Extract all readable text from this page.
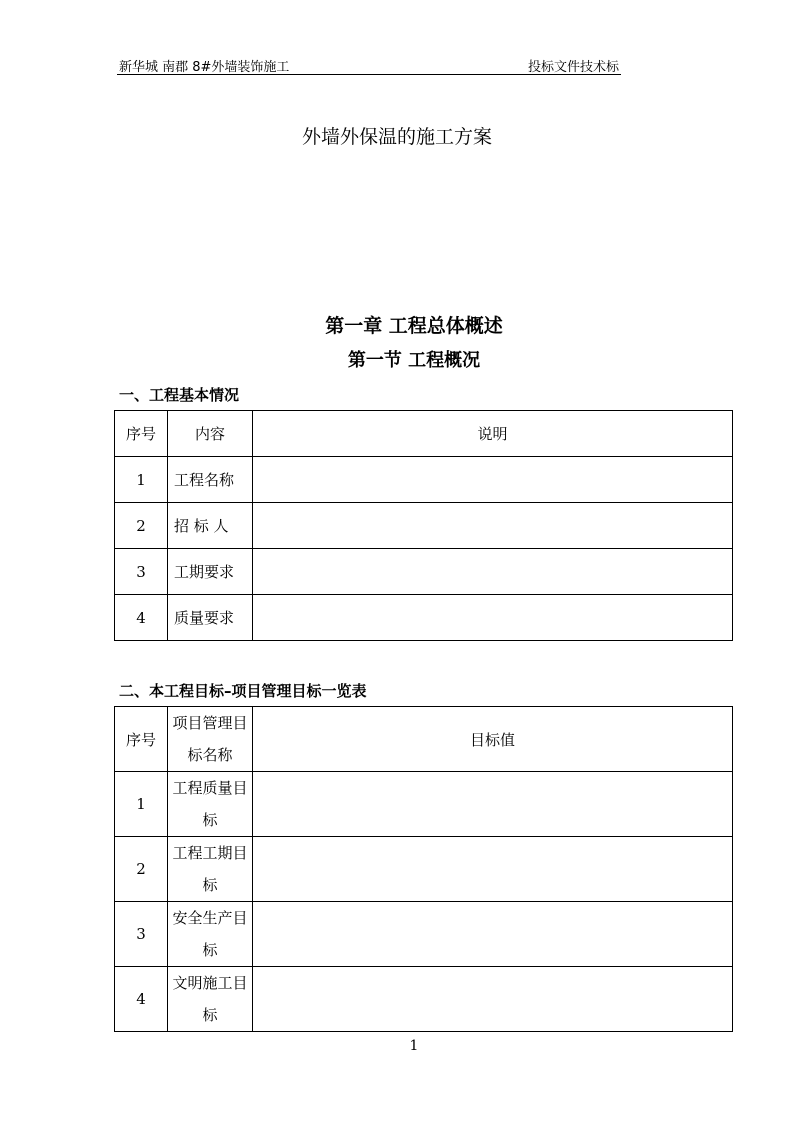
新华城 南郡 8#外墙装饰施工	投标文件技术标
外墙外保温的施工方案
第一章 工程总体概述
第一节 工程概况
一、工程基本情况
序号	内容	说明
1	工程名称	
2	招 标 人	
3	工期要求	
4	质量要求	
二、本工程目标–项目管理目标一览表
序号	项目管理目标名称	目标值
1	工程质量目标	
2	工程工期目标	
3	安全生产目标	
4	文明施工目标	
1
